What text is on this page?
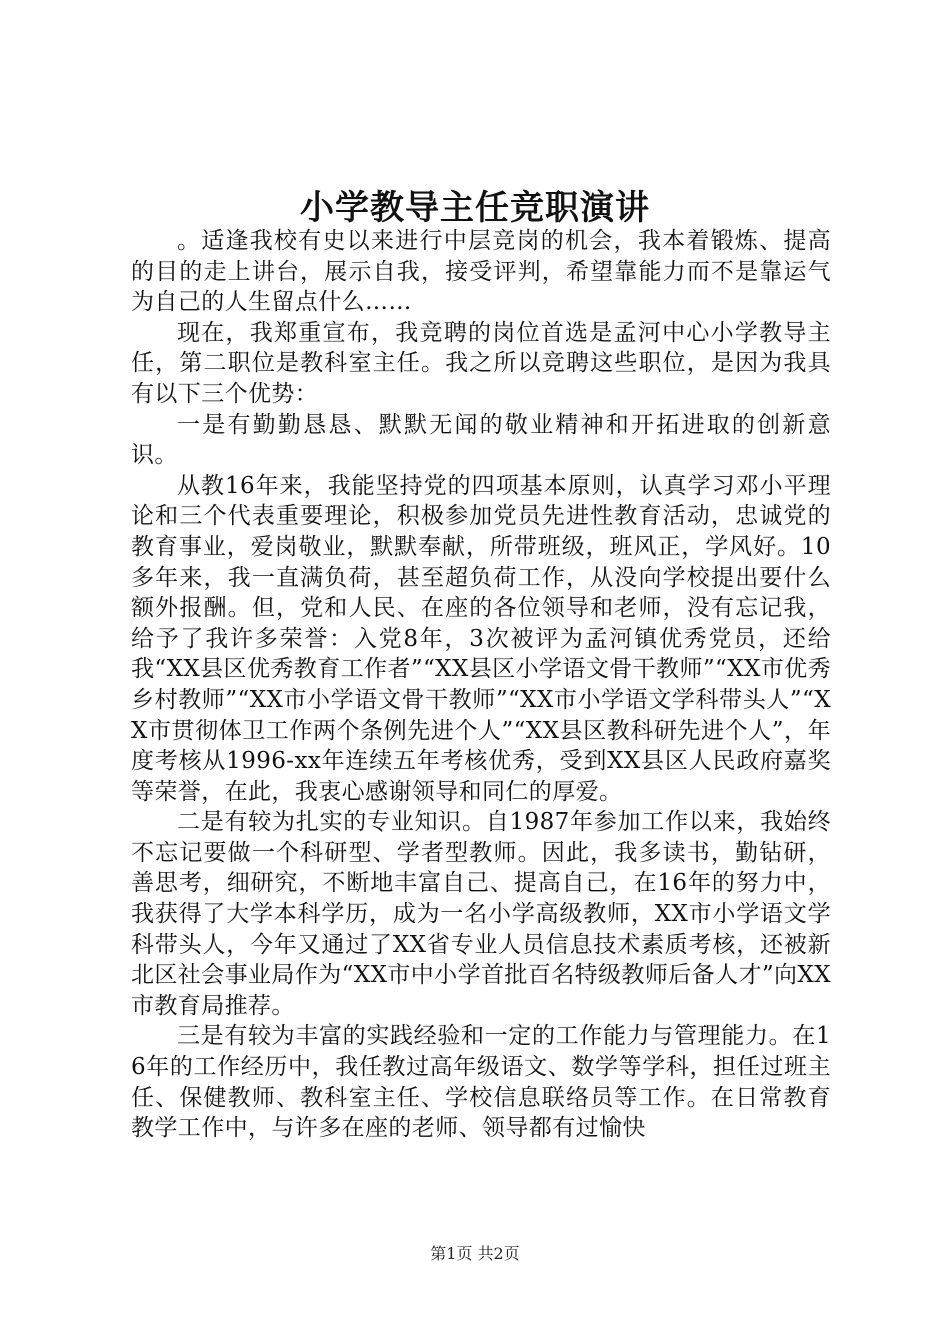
小学教导主任竞职演讲

。适逢我校有史以来进行中层竞岗的机会，我本着锻炼、提高的目的走上讲台，展示自我，接受评判，希望靠能力而不是靠运气为自己的人生留点什么……

现在，我郑重宣布，我竞聘的岗位首选是孟河中心小学教导主任，第二职位是教科室主任。我之所以竞聘这些职位，是因为我具有以下三个优势：

一是有勤勤恳恳、默默无闻的敬业精神和开拓进取的创新意识。

从教16年来，我能坚持党的四项基本原则，认真学习邓小平理论和三个代表重要理论，积极参加党员先进性教育活动，忠诚党的教育事业，爱岗敬业，默默奉献，所带班级，班风正，学风好。10多年来，我一直满负荷，甚至超负荷工作，从没向学校提出要什么额外报酬。但，党和人民、在座的各位领导和老师，没有忘记我，给予了我许多荣誉：入党8年，3次被评为孟河镇优秀党员，还给我“XX县区优秀教育工作者”“XX县区小学语文骨干教师”“XX市优秀乡村教师”“XX市小学语文骨干教师”“XX市小学语文学科带头人”“XX市贯彻体卫工作两个条例先进个人”“XX县区教科研先进个人”，年度考核从1996-xx年连续五年考核优秀，受到XX县区人民政府嘉奖等荣誉，在此，我衷心感谢领导和同仁的厚爱。

二是有较为扎实的专业知识。自1987年参加工作以来，我始终不忘记要做一个科研型、学者型教师。因此，我多读书，勤钻研，善思考，细研究，不断地丰富自己、提高自己，在16年的努力中，我获得了大学本科学历，成为一名小学高级教师，XX市小学语文学科带头人，今年又通过了XX省专业人员信息技术素质考核，还被新北区社会事业局作为“XX市中小学首批百名特级教师后备人才”向XX市教育局推荐。

三是有较为丰富的实践经验和一定的工作能力与管理能力。在16年的工作经历中，我任教过高年级语文、数学等学科，担任过班主任、保健教师、教科室主任、学校信息联络员等工作。在日常教育教学工作中，与许多在座的老师、领导都有过愉快

第1页 共2页
